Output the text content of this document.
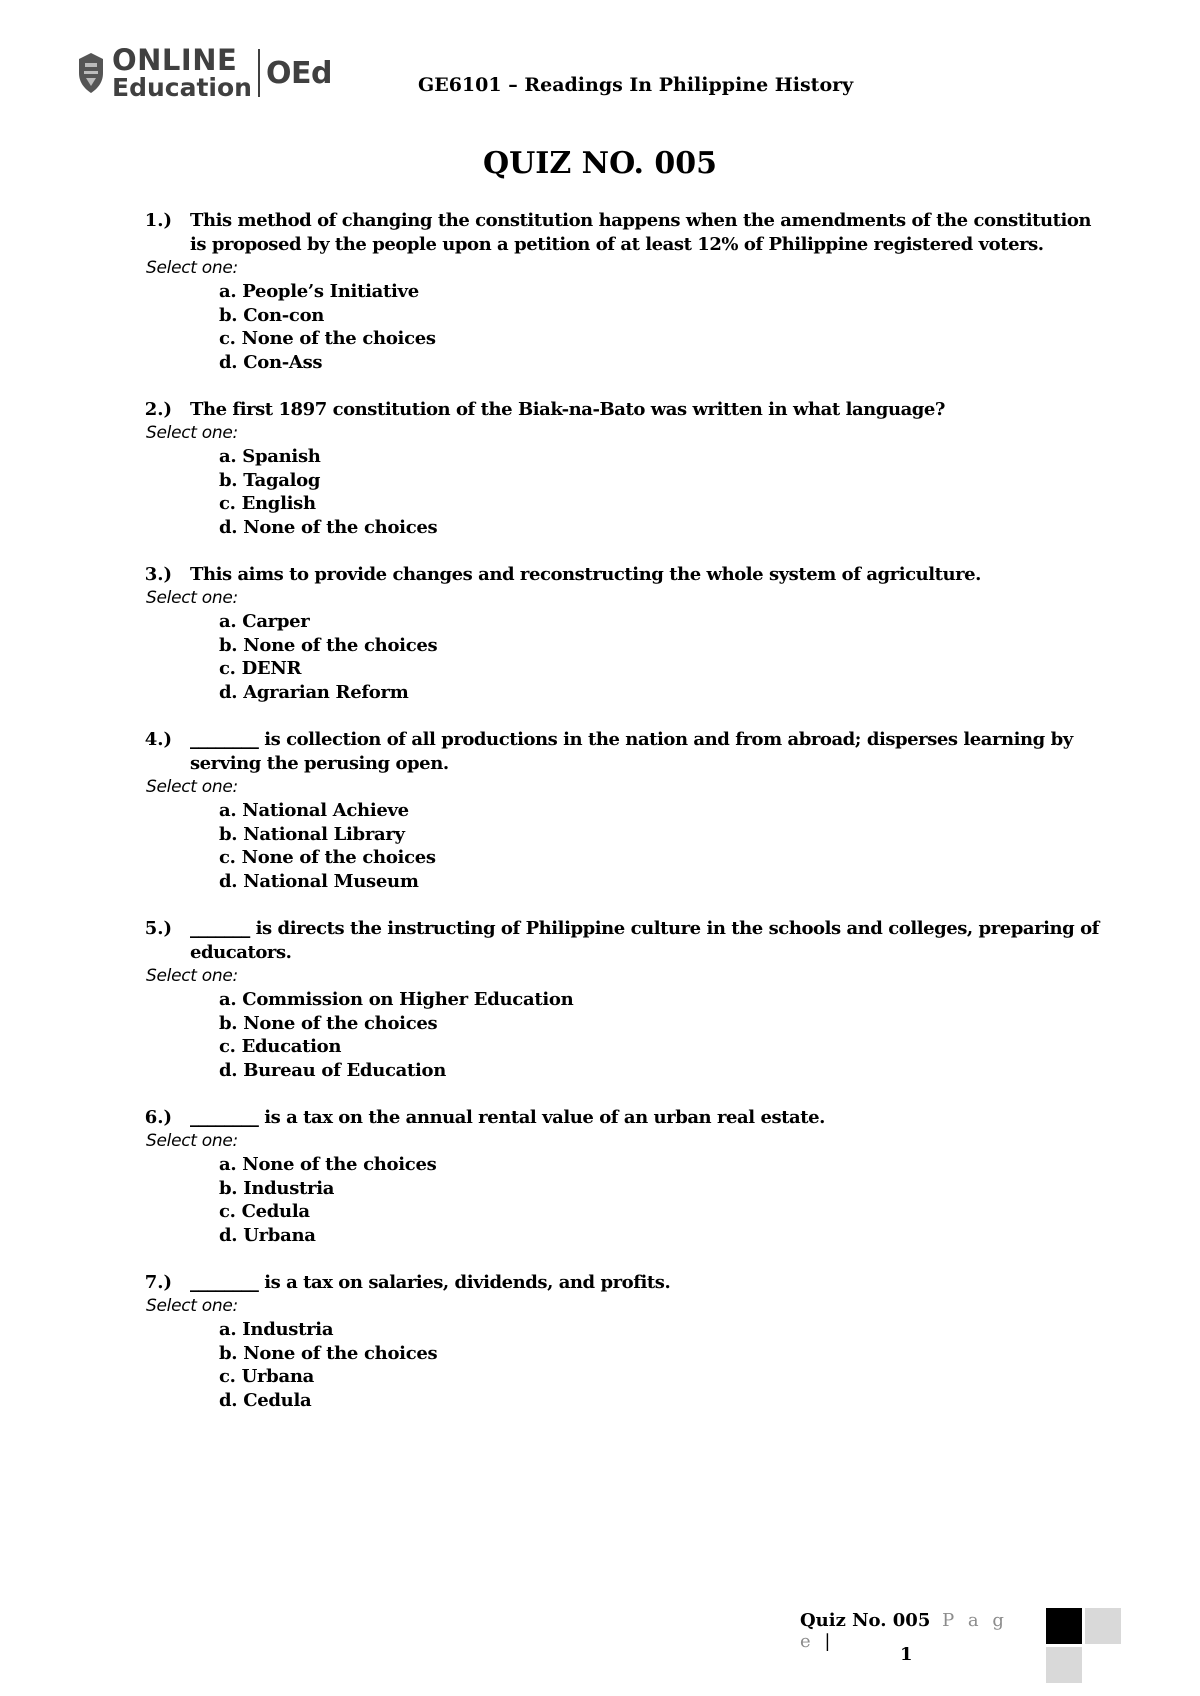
ONLINE
Education OEd	GE6101 – Readings In Philippine History
QUIZ NO. 005
1.)	This method of changing the constitution happens when the amendments of the constitution is proposed by the people upon a petition of at least 12% of Philippine registered voters.
Select one:
a. People’s Initiative
b. Con-con
c. None of the choices
d. Con-Ass
2.)	The first 1897 constitution of the Biak-na-Bato was written in what language?
Select one:
a. Spanish
b. Tagalog
c. English
d. None of the choices
3.)	This aims to provide changes and reconstructing the whole system of agriculture.
Select one:
a. Carper
b. None of the choices
c. DENR
d. Agrarian Reform
4.)	________ is collection of all productions in the nation and from abroad; disperses learning by serving the perusing open.
Select one:
a. National Achieve
b. National Library
c. None of the choices
d. National Museum
5.)	_______ is directs the instructing of Philippine culture in the schools and colleges, preparing of educators.
Select one:
a. Commission on Higher Education
b. None of the choices
c. Education
d. Bureau of Education
6.)	________ is a tax on the annual rental value of an urban real estate.
Select one:
a. None of the choices
b. Industria
c. Cedula
d. Urbana
7.)	________ is a tax on salaries, dividends, and profits.
Select one:
a. Industria
b. None of the choices
c. Urbana
d. Cedula
Quiz No. 005 P a g e |
1
